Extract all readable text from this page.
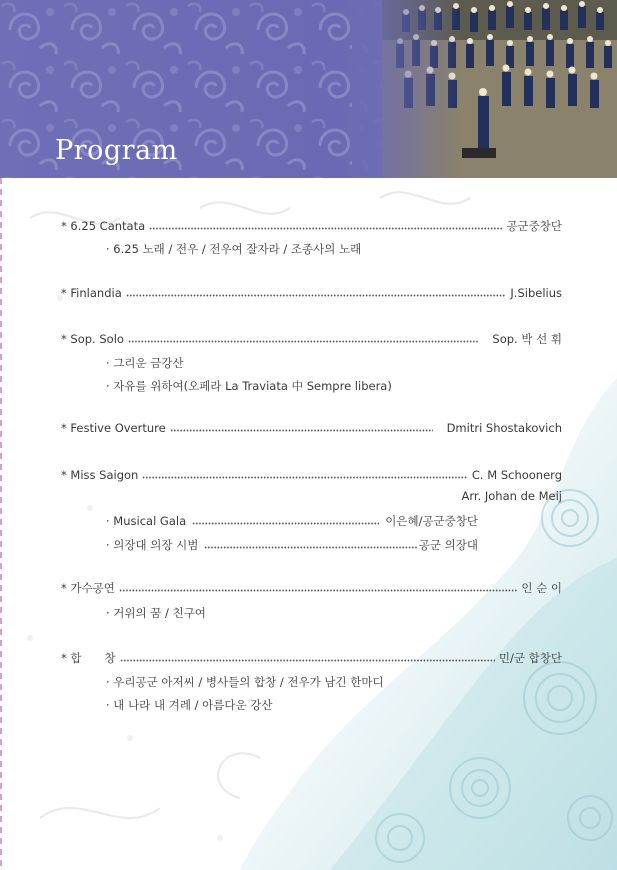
Program
* 6.25 Cantata	공군중창단
· 6.25 노래 / 전우 / 전우여 잘자라 / 조종사의 노래
* Finlandia	J.Sibelius
* Sop. Solo	Sop. 박 선 휘
· 그리운 금강산
· 자유를 위하여(오페라 La Traviata 中 Sempre libera)
* Festive Overture	Dmitri Shostakovich
* Miss Saigon	C. M Schoonerg
Arr. Johan de Meij
· Musical Gala	이은혜/공군중창단
· 의장대 의장 시범	공군 의장대
* 가수공연	인 순 이
· 거위의 꿈 / 친구여
* 합　　창	민/군 합창단
· 우리공군 아저씨 / 병사들의 합창 / 전우가 남긴 한마디
· 내 나라 내 겨레 / 아름다운 강산
